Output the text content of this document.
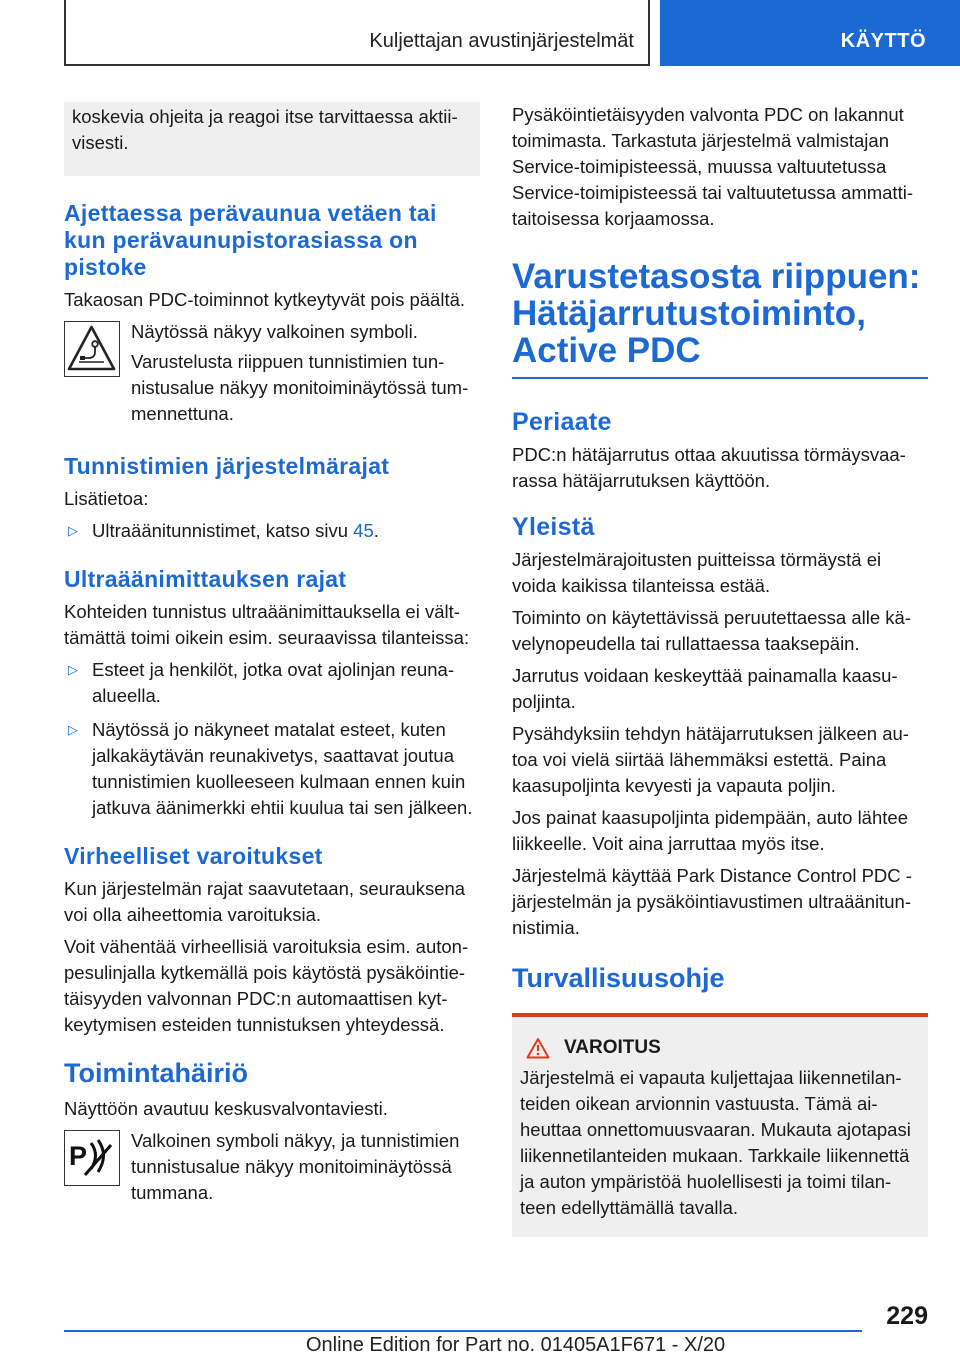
Kuljettajan avustinjärjestelmät	KÄYTTÖ

koskevia ohjeita ja reagoi itse tarvittaessa aktii-visesti.

Ajettaessa perävaunua vetäen tai kun perävaunupistorasiassa on pistoke

Takaosan PDC-toiminnot kytkeytyvät pois päältä.

Näytössä näkyy valkoinen symboli.

Varustelusta riippuen tunnistimien tun-nistusalue näkyy monitoiminäytössä tum-mennettuna.

Tunnistimien järjestelmärajat

Lisätietoa:

▷ Ultraäänitunnistimet, katso sivu 45.
Ultraäänimittauksen rajat

Kohteiden tunnistus ultraäänimittauksella ei vält-tämättä toimi oikein esim. seuraavissa tilanteissa:

▷ Esteet ja henkilöt, jotka ovat ajolinjan reuna-alueella.
▷ Näytössä jo näkyneet matalat esteet, kuten jalkakäytävän reunakivetys, saattavat joutua tunnistimien kuolleeseen kulmaan ennen kuin jatkuva äänimerkki ehtii kuulua tai sen jälkeen.
Virheelliset varoitukset

Kun järjestelmän rajat saavutetaan, seurauksena voi olla aiheettomia varoituksia.

Voit vähentää virheellisiä varoituksia esim. auton-pesulinjalla kytkemällä pois käytöstä pysäköintie-täisyyden valvonnan PDC:n automaattisen kyt-keytymisen esteiden tunnistuksen yhteydessä.

Toimintahäiriö

Näyttöön avautuu keskusvalvontaviesti.

P

Valkoinen symboli näkyy, ja tunnistimien tunnistusalue näkyy monitoiminäytössä tummana.

Pysäköintietäisyyden valvonta PDC on lakannut toimimasta. Tarkastuta järjestelmä valmistajan Service-toimipisteessä, muussa valtuutetussa Service-toimipisteessä tai valtuutetussa ammatti-taitoisessa korjaamossa.

Varustetasosta riippuen: Hätäjarrutustoiminto, Active PDC
Periaate

PDC:n hätäjarrutus ottaa akuutissa törmäysvaa-rassa hätäjarrutuksen käyttöön.

Yleistä

Järjestelmärajoitusten puitteissa törmäystä ei voida kaikissa tilanteissa estää.

Toiminto on käytettävissä peruutettaessa alle kä-velynopeudella tai rullattaessa taaksepäin.

Jarrutus voidaan keskeyttää painamalla kaasu-poljinta.

Pysähdyksiin tehdyn hätäjarrutuksen jälkeen au-toa voi vielä siirtää lähemmäksi estettä. Paina kaasupoljinta kevyesti ja vapauta poljin.

Jos painat kaasupoljinta pidempään, auto lähtee liikkeelle. Voit aina jarruttaa myös itse.

Järjestelmä käyttää Park Distance Control PDC -järjestelmän ja pysäköintiavustimen ultraäänitun-nistimia.

Turvallisuusohje
VAROITUS

Järjestelmä ei vapauta kuljettajaa liikennetilan-teiden oikean arvionnin vastuusta. Tämä ai-heuttaa onnettomuusvaaran. Mukauta ajotapasi liikennetilanteiden mukaan. Tarkkaile liikennettä ja auton ympäristöä huolellisesti ja toimi tilan-teen edellyttämällä tavalla.

229
Online Edition for Part no. 01405A1F671 - X/20
